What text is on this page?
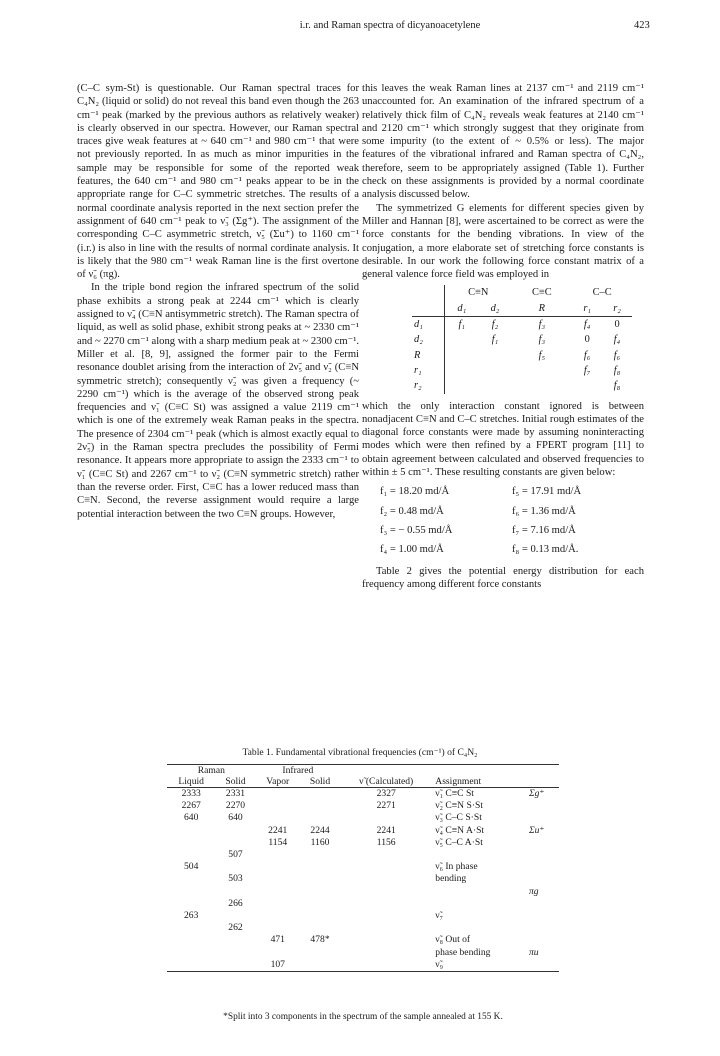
i.r. and Raman spectra of dicyanoacetylene	423

(C–C sym-St) is questionable. Our Raman spectral traces for C₄N₂ (liquid or solid) do not reveal this band even though the 263 cm⁻¹ peak (marked by the previous authors as relatively weaker) is clearly observed in our spectra. However, our Raman spectral traces give weak features at ~ 640 cm⁻¹ and 980 cm⁻¹ that were not previously reported. In as much as minor impurities in the sample may be responsible for some of the reported weak features, the 640 cm⁻¹ and 980 cm⁻¹ peaks appear to be in the appropriate range for C–C symmetric stretches. The results of a normal coordinate analysis reported in the next section prefer the assignment of 640 cm⁻¹ peak to ν̃₃ (Σg⁺). The assignment of the corresponding C–C asymmetric stretch, ν̃₅ (Σu⁺) to 1160 cm⁻¹ (i.r.) is also in line with the results of normal cordinate analysis. It is likely that the 980 cm⁻¹ weak Raman line is the first overtone of ν̃₆ (πg).

In the triple bond region the infrared spectrum of the solid phase exhibits a strong peak at 2244 cm⁻¹ which is clearly assigned to ν̃₄ (C≡N antisymmetric stretch). The Raman spectra of liquid, as well as solid phase, exhibit strong peaks at ~ 2330 cm⁻¹ and ~ 2270 cm⁻¹ along with a sharp medium peak at ~ 2300 cm⁻¹. Miller et al. [8, 9], assigned the former pair to the Fermi resonance doublet arising from the interaction of 2ν̃₅ and ν̃₂ (C≡N symmetric stretch); consequently ν̃₂ was given a frequency (~ 2290 cm⁻¹) which is the average of the observed strong peak frequencies and ν̃₁ (C≡C St) was assigned a value 2119 cm⁻¹ which is one of the extremely weak Raman peaks in the spectra. The presence of 2304 cm⁻¹ peak (which is almost exactly equal to 2ν̃₅) in the Raman spectra precludes the possibility of Fermi resonance. It appears more appropriate to assign the 2333 cm⁻¹ to ν̃₁ (C≡C St) and 2267 cm⁻¹ to ν̃₂ (C≡N symmetric stretch) rather than the reverse order. First, C≡C has a lower reduced mass than C≡N. Second, the reverse assignment would require a large potential interaction between the two C≡N groups. However,

this leaves the weak Raman lines at 2137 cm⁻¹ and 2119 cm⁻¹ unaccounted for. An examination of the infrared spectrum of a relatively thick film of C₄N₂ reveals weak features at 2140 cm⁻¹ and 2120 cm⁻¹ which strongly suggest that they originate from some impurity (to the extent of ~ 0.5% or less). The major features of the vibrational infrared and Raman spectra of C₄N₂, therefore, seem to be appropriately assigned (Table 1). Further check on these assignments is provided by a normal coordinate analysis discussed below.

The symmetrized G elements for different species given by Miller and Hannan [8], were ascertained to be correct as were the force constants for the bending vibrations. In view of the conjugation, a more elaborate set of stretching force constants is desirable. In our work the following force constant matrix of a general valence force field was employed in

	C≡N		C≡C	C–C	
	d₁	d₂	R	r₁	r₂
d₁	f₁	f₂	f₃	f₄	0
d₂		f₁	f₃	0	f₄
R			f₅	f₆	f₆
r₁				f₇	f₈
r₂					f₈

which the only interaction constant ignored is between nonadjacent C≡N and C–C stretches. Initial rough estimates of the diagonal force constants were made by assuming noninteracting modes which were then refined by a FPERT program [11] to obtain agreement between calculated and observed frequencies to within ± 5 cm⁻¹. These resulting constants are given below:

f₁ = 18.20 md/Å	f₅ = 17.91 md/Å
f₂ = 0.48 md/Å	f₆ = 1.36 md/Å
f₃ = − 0.55 md/Å	f₇ = 7.16 md/Å
f₄ = 1.00 md/Å	f₈ = 0.13 md/Å.

Table 2 gives the potential energy distribution for each frequency among different force constants

Table 1. Fundamental vibrational frequencies (cm⁻¹) of C₄N₂
Raman		Infrared				
Liquid	Solid	Vapor	Solid	ν̃ (Calculated)	Assignment	
2333	2331			2327	ν̃₁ C≡C St	Σg⁺
2267	2270			2271	ν̃₂ C≡N S·St	
640	640				ν̃₃ C–C S·St	
		2241	2244	2241	ν̃₄ C≡N A·St	Σu⁺
		1154	1160	1156	ν̃₅ C–C A·St	
	507					
504					ν̃₆ In phase	
	503				bending	
						πg
	266					
263					ν̃₇	
	262					
		471	478*		ν̃₈ Out of	
					phase bending	πu
		107			ν̃₉	
*Split into 3 components in the spectrum of the sample annealed at 155 K.
